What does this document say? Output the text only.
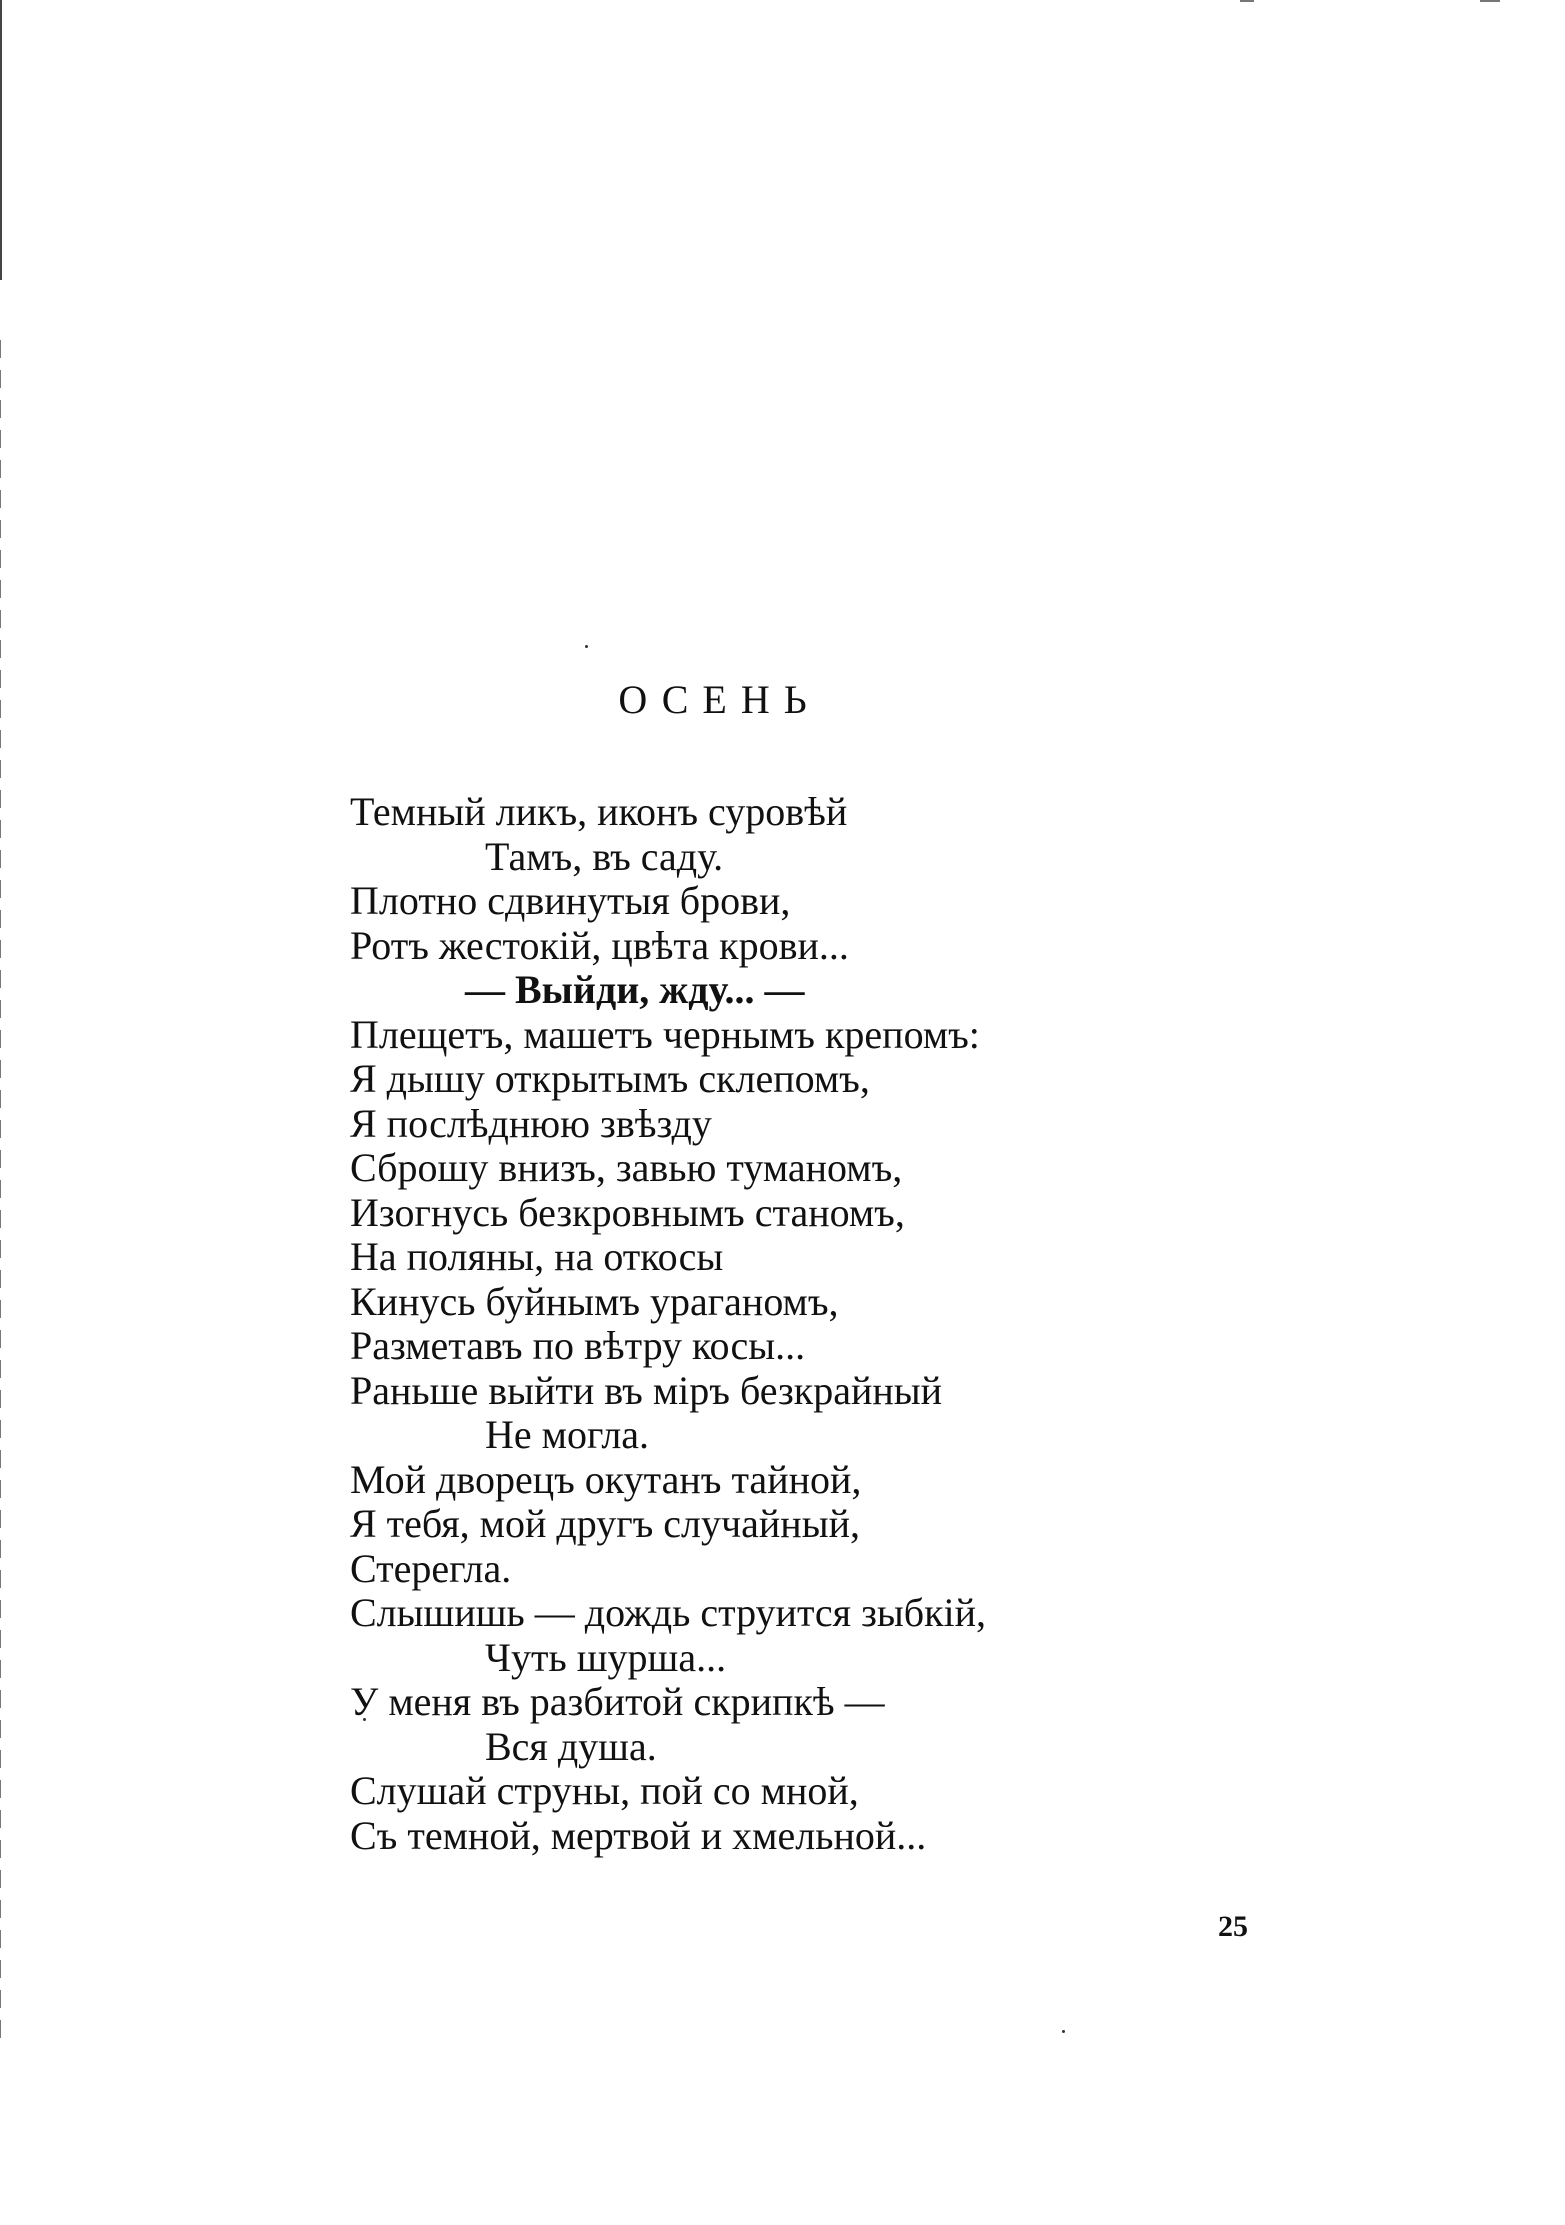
ОСЕНЬ
Темный ликъ, иконъ суровѣй
Тамъ, въ саду.
Плотно сдвинутыя брови,
Ротъ жестокій, цвѣта крови...
— Выйди, жду... —
Плещетъ, машетъ чернымъ крепомъ:
Я дышу открытымъ склепомъ,
Я послѣднюю звѣзду
Сброшу внизъ, завью туманомъ,
Изогнусь безкровнымъ станомъ,
На поляны, на откосы
Кинусь буйнымъ ураганомъ,
Разметавъ по вѣтру косы...
Раньше выйти въ міръ безкрайный
Не могла.
Мой дворецъ окутанъ тайной,
Я тебя, мой другъ случайный,
Стерегла.
Слышишь — дождь струится зыбкій,
Чуть шурша...
У меня въ разбитой скрипкѣ —
Вся душа.
Слушай струны, пой со мной,
Съ темной, мертвой и хмельной...
25
